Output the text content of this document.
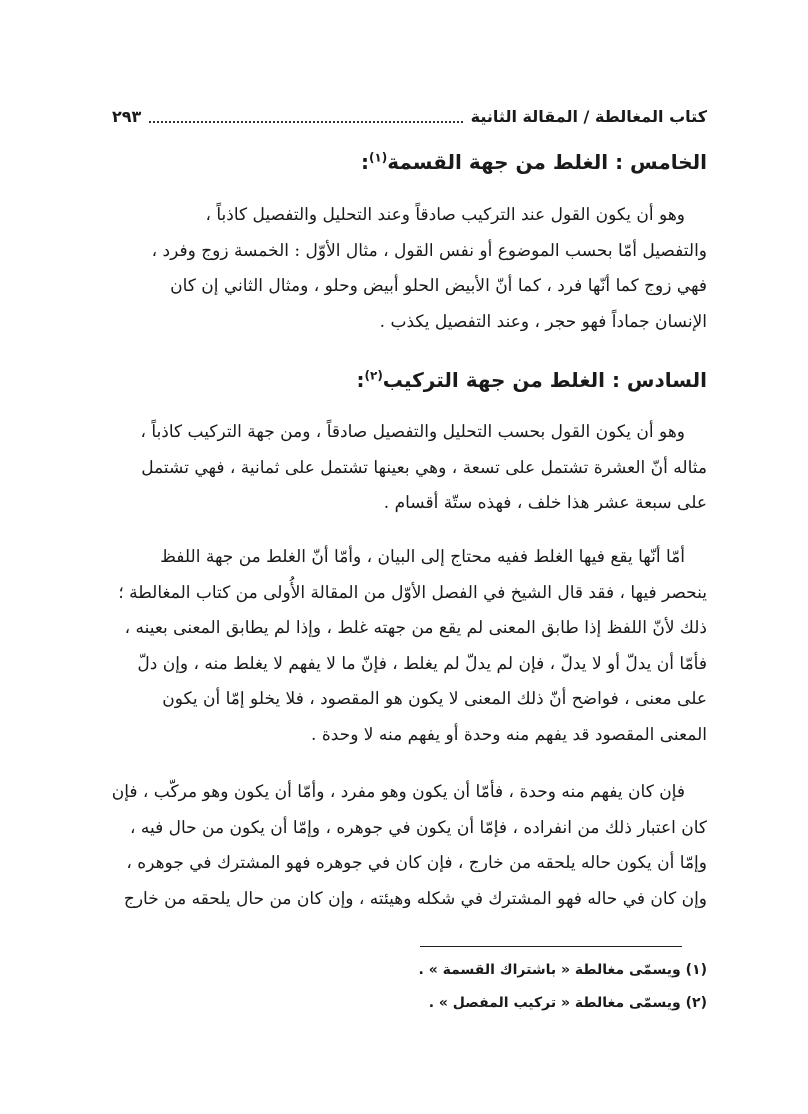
كتاب المغالطة / المقالة الثانية
٢٩٣
الخامس : الغلط من جهة القسمة$^{(١)}$:
وهو أن يكون القول عند التركيب صادقاً وعند التحليل والتفصيل كاذباً ،
والتفصيل أمّا بحسب الموضوع أو نفس القول ، مثال الأوّل : الخمسة زوج وفرد ،
فهي زوج كما أنّها فرد ، كما أنّ الأبيض الحلو أبيض وحلو ، ومثال الثاني إن كان
الإنسان جماداً فهو حجر ، وعند التفصيل يكذب .
السادس : الغلط من جهة التركيب$^{(٢)}$:
وهو أن يكون القول بحسب التحليل والتفصيل صادقاً ، ومن جهة التركيب كاذباً ،
مثاله أنّ العشرة تشتمل على تسعة ، وهي بعينها تشتمل على ثمانية ، فهي تشتمل
على سبعة عشر هذا خلف ، فهذه ستّة أقسام .
أمّا أنّها يقع فيها الغلط ففيه محتاج إلى البيان ، وأمّا أنّ الغلط من جهة اللفظ
ينحصر فيها ، فقد قال الشيخ في الفصل الأوّل من المقالة الأُولى من كتاب المغالطة ؛
ذلك لأنّ اللفظ إذا طابق المعنى لم يقع من جهته غلط ، وإذا لم يطابق المعنى بعينه ،
فأمّا أن يدلّ أو لا يدلّ ، فإن لم يدلّ لم يغلط ، فإنّ ما لا يفهم لا يغلط منه ، وإن دلّ
على معنى ، فواضح أنّ ذلك المعنى لا يكون هو المقصود ، فلا يخلو إمّا أن يكون
المعنى المقصود قد يفهم منه وحدة أو يفهم منه لا وحدة .
فإن كان يفهم منه وحدة ، فأمّا أن يكون وهو مفرد ، وأمّا أن يكون وهو مركّب ، فإن
كان اعتبار ذلك من انفراده ، فإمّا أن يكون في جوهره ، وإمّا أن يكون من حال فيه ،
وإمّا أن يكون حاله يلحقه من خارج ، فإن كان في جوهره فهو المشترك في جوهره ،
وإن كان في حاله فهو المشترك في شكله وهيئته ، وإن كان من حال يلحقه من خارج
(١) ويسمّى مغالطة « باشتراك القسمة » .
(٢) ويسمّى مغالطة « تركيب المفصل » .
